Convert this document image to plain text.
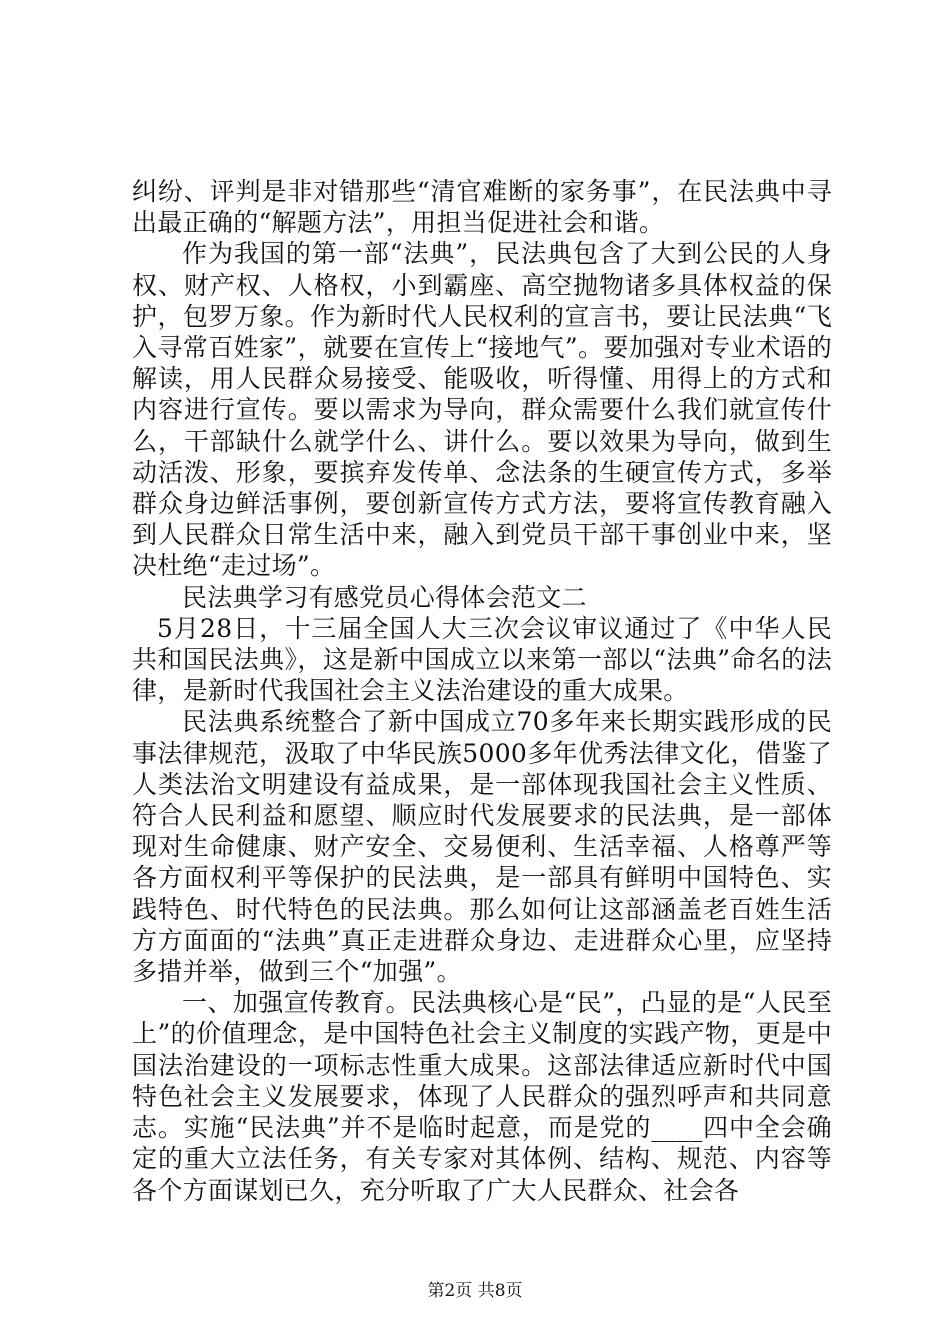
纠纷、评判是非对错那些“清官难断的家务事”，在民法典中寻出最正确的“解题方法”，用担当促进社会和谐。

作为我国的第一部“法典”，民法典包含了大到公民的人身权、财产权、人格权，小到霸座、高空抛物诸多具体权益的保护，包罗万象。作为新时代人民权利的宣言书，要让民法典“飞入寻常百姓家”，就要在宣传上“接地气”。要加强对专业术语的解读，用人民群众易接受、能吸收，听得懂、用得上的方式和内容进行宣传。要以需求为导向，群众需要什么我们就宣传什么，干部缺什么就学什么、讲什么。要以效果为导向，做到生动活泼、形象，要摈弃发传单、念法条的生硬宣传方式，多举群众身边鲜活事例，要创新宣传方式方法，要将宣传教育融入到人民群众日常生活中来，融入到党员干部干事创业中来，坚决杜绝“走过场”。

民法典学习有感党员心得体会范文二

5月28日，十三届全国人大三次会议审议通过了《中华人民共和国民法典》，这是新中国成立以来第一部以“法典”命名的法律，是新时代我国社会主义法治建设的重大成果。

民法典系统整合了新中国成立70多年来长期实践形成的民事法律规范，汲取了中华民族5000多年优秀法律文化，借鉴了人类法治文明建设有益成果，是一部体现我国社会主义性质、符合人民利益和愿望、顺应时代发展要求的民法典，是一部体现对生命健康、财产安全、交易便利、生活幸福、人格尊严等各方面权利平等保护的民法典，是一部具有鲜明中国特色、实践特色、时代特色的民法典。那么如何让这部涵盖老百姓生活方方面面的“法典”真正走进群众身边、走进群众心里，应坚持多措并举，做到三个“加强”。

一、加强宣传教育。民法典核心是“民”，凸显的是“人民至上”的价值理念，是中国特色社会主义制度的实践产物，更是中国法治建设的一项标志性重大成果。这部法律适应新时代中国特色社会主义发展要求，体现了人民群众的强烈呼声和共同意志。实施“民法典”并不是临时起意，而是党的____四中全会确定的重大立法任务，有关专家对其体例、结构、规范、内容等各个方面谋划已久，充分听取了广大人民群众、社会各

第2页 共8页
